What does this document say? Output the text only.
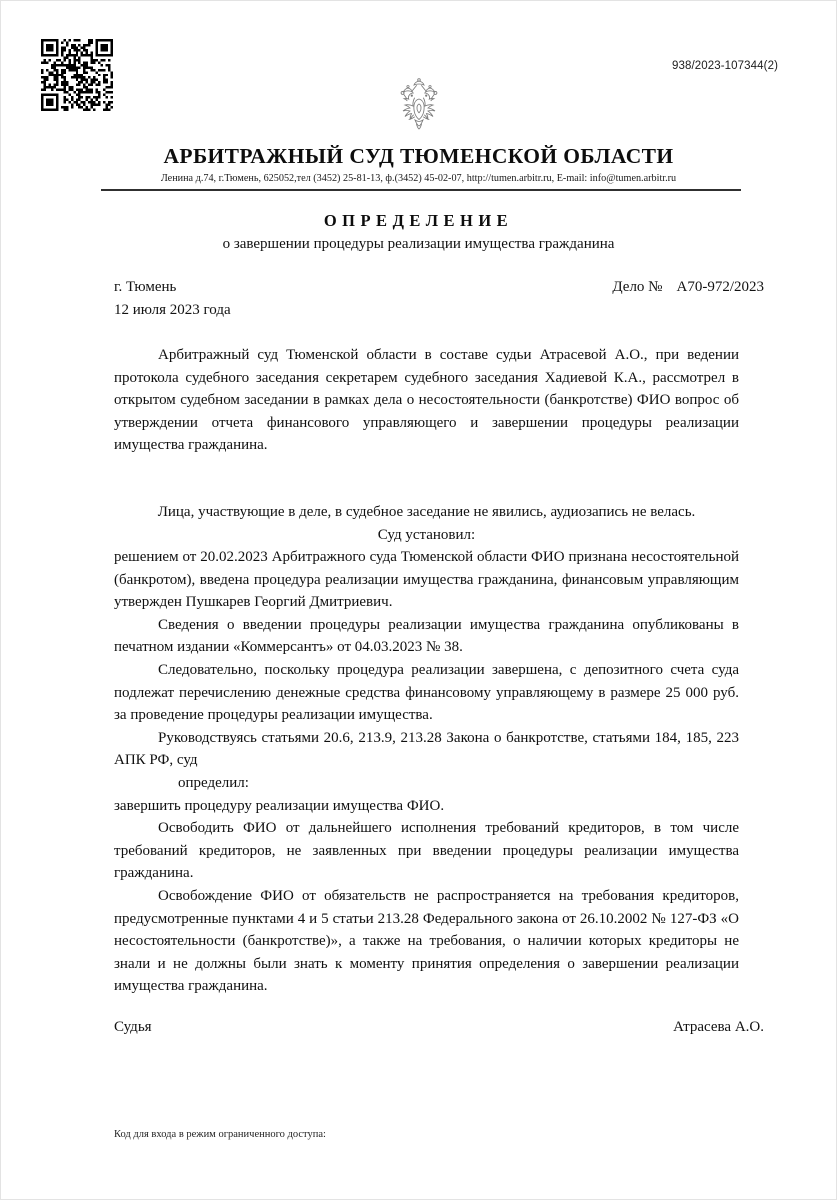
938/2023-107344(2)
АРБИТРАЖНЫЙ СУД ТЮМЕНСКОЙ ОБЛАСТИ
Ленина д.74, г.Тюмень, 625052,тел (3452) 25-81-13, ф.(3452) 45-02-07, http://tumen.arbitr.ru, E-mail: info@tumen.arbitr.ru
ОПРЕДЕЛЕНИЕ
о завершении процедуры реализации имущества гражданина
г. Тюмень	Дело № А70-972/2023
12 июля 2023 года

Арбитражный суд Тюменской области в составе судьи Атрасевой А.О., при ведении протокола судебного заседания секретарем судебного заседания Хадиевой К.А., рассмотрел в открытом судебном заседании в рамках дела о несостоятельности (банкротстве) ФИО вопрос об утверждении отчета финансового управляющего и завершении процедуры реализации имущества гражданина.

Лица, участвующие в деле, в судебное заседание не явились, аудиозапись не велась.

Суд установил:

решением от 20.02.2023 Арбитражного суда Тюменской области ФИО признана несостоятельной (банкротом), введена процедура реализации имущества гражданина, финансовым управляющим утвержден Пушкарев Георгий Дмитриевич.

Сведения о введении процедуры реализации имущества гражданина опубликованы в печатном издании «Коммерсантъ» от 04.03.2023 № 38.

Следовательно, поскольку процедура реализации завершена, с депозитного счета суда подлежат перечислению денежные средства финансовому управляющему в размере 25 000 руб. за проведение процедуры реализации имущества.

Руководствуясь статьями 20.6, 213.9, 213.28 Закона о банкротстве, статьями 184, 185, 223 АПК РФ, суд

определил:

завершить процедуру реализации имущества ФИО.

Освободить ФИО от дальнейшего исполнения требований кредиторов, в том числе требований кредиторов, не заявленных при введении процедуры реализации имущества гражданина.

Освобождение ФИО от обязательств не распространяется на требования кредиторов, предусмотренные пунктами 4 и 5 статьи 213.28 Федерального закона от 26.10.2002 № 127-ФЗ «О несостоятельности (банкротстве)», а также на требования, о наличии которых кредиторы не знали и не должны были знать к моменту принятия определения о завершении реализации имущества гражданина.

Судья	Атрасева А.О.
Код для входа в режим ограниченного доступа:
